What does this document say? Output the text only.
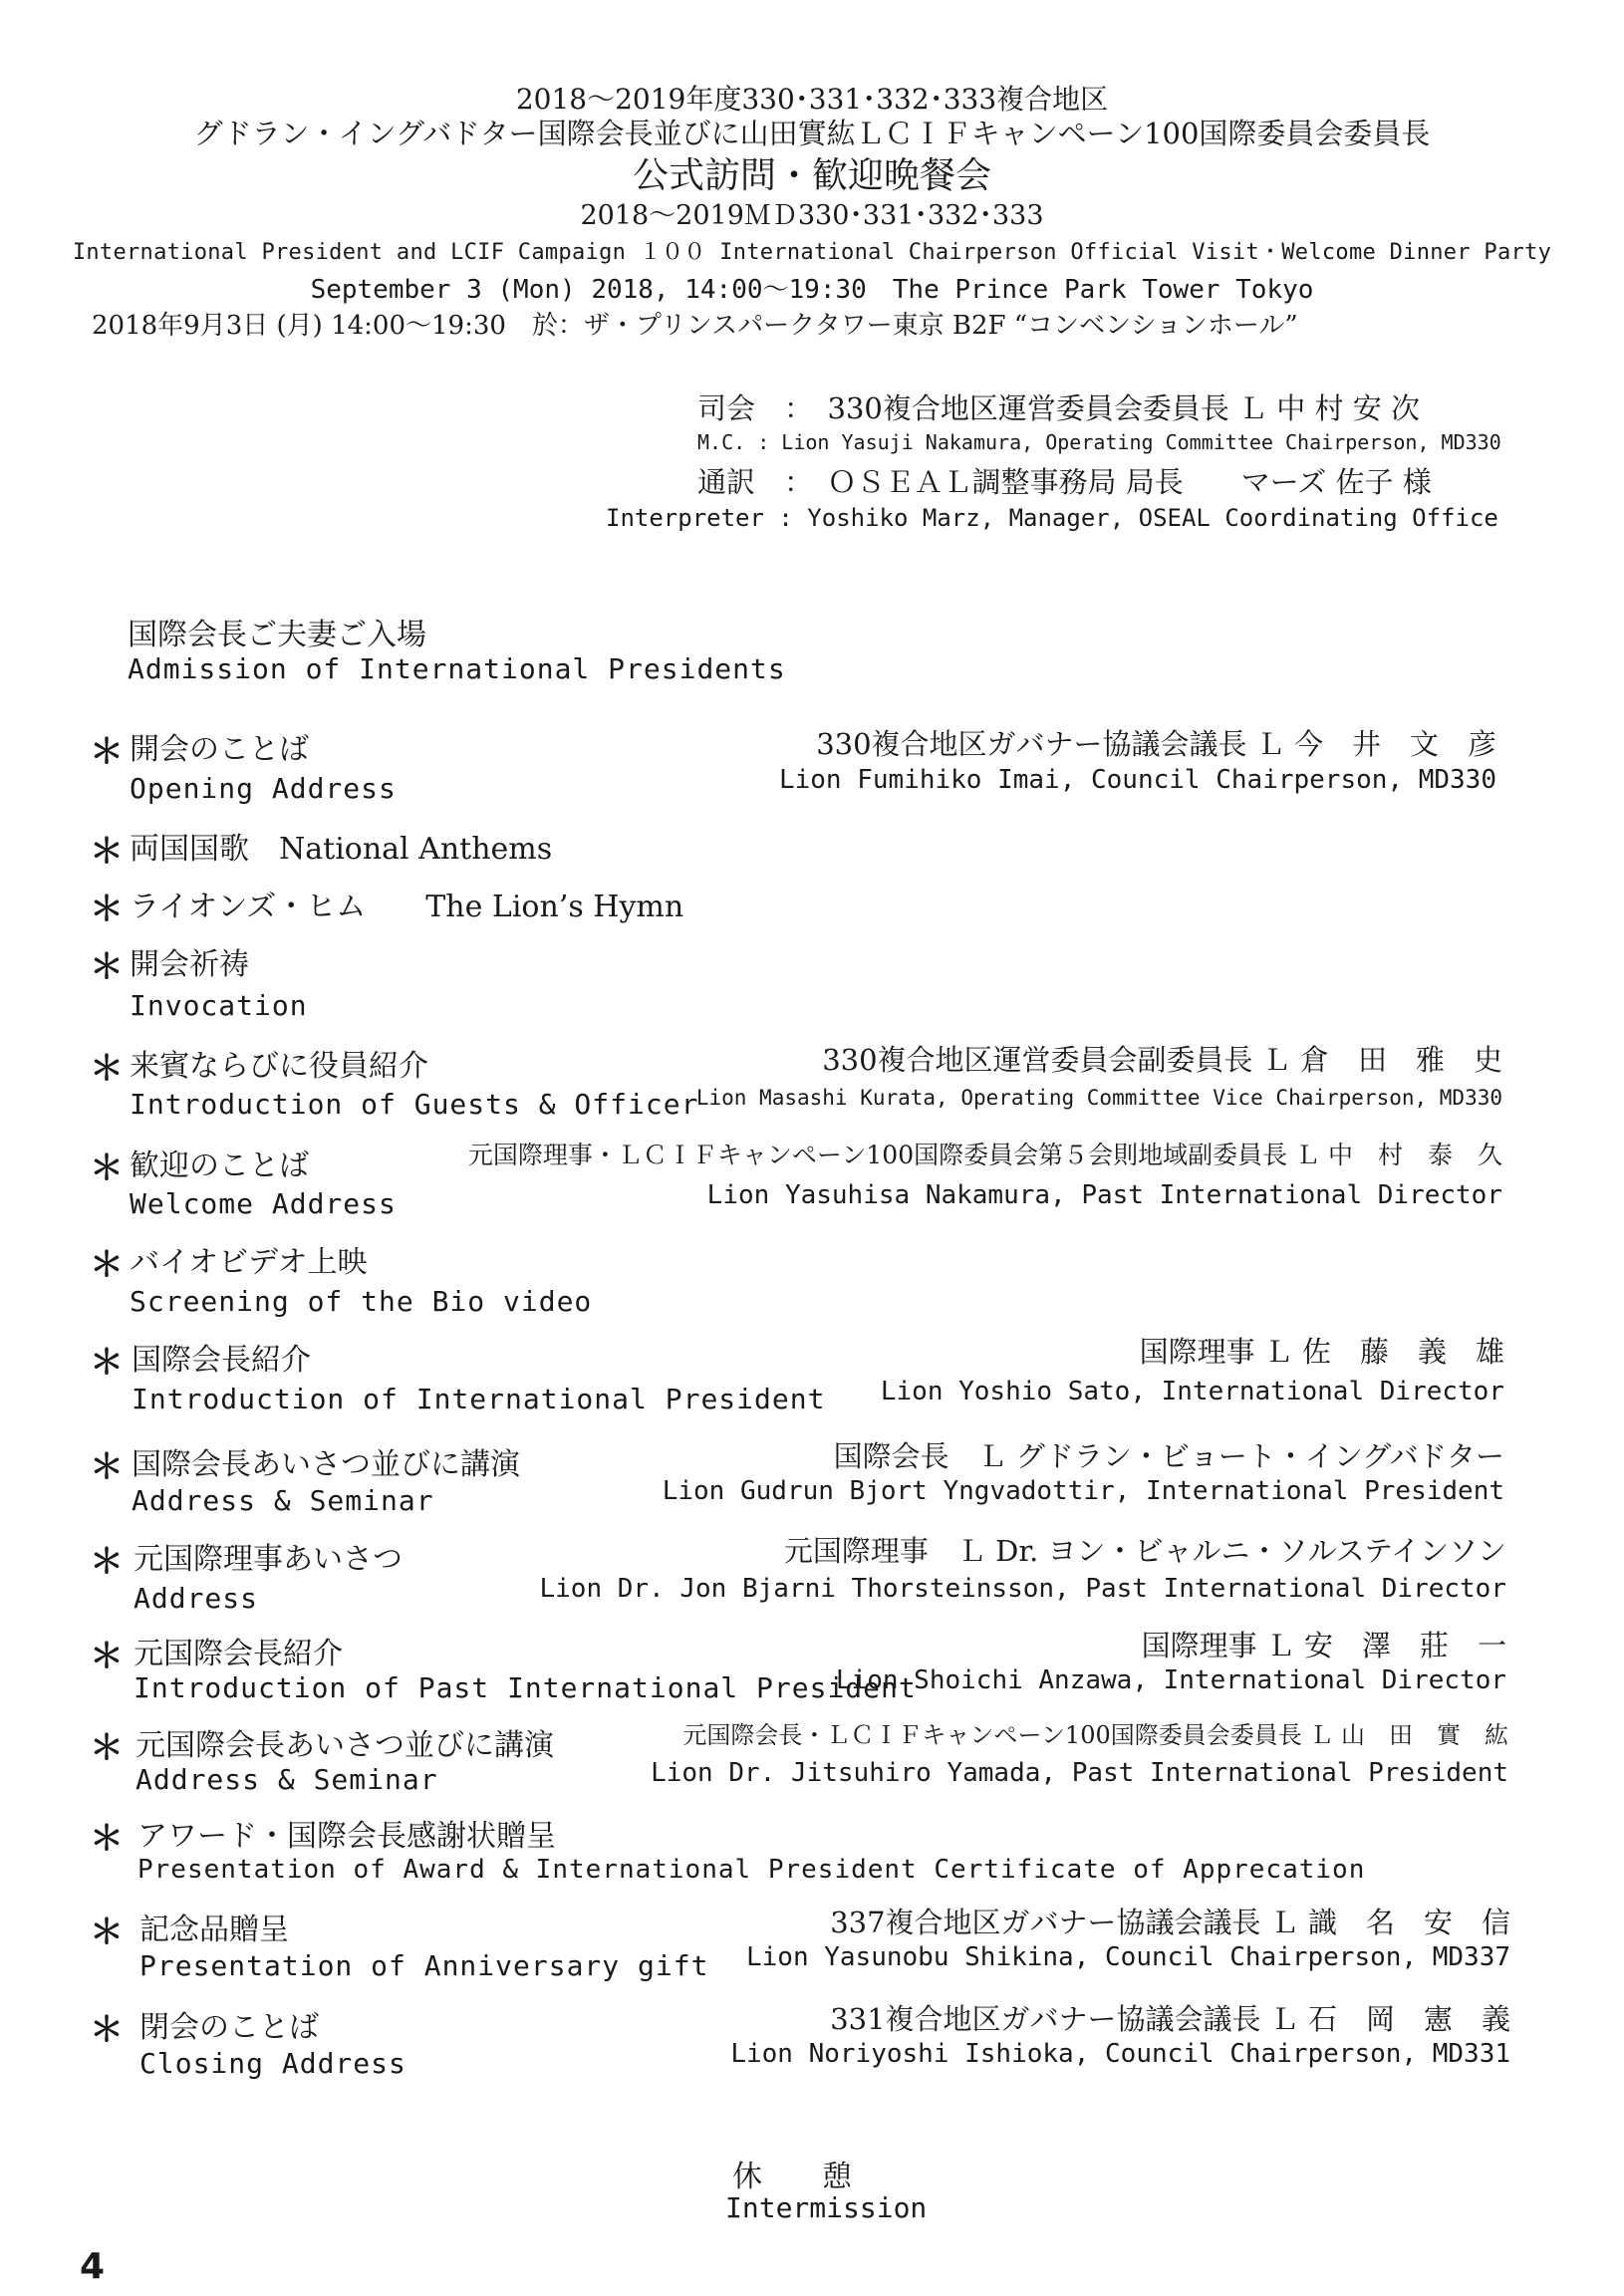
2018～2019年度330･331･332･333複合地区
グドラン・イングバドター国際会長並びに山田實紘ＬＣＩＦキャンペーン100国際委員会委員長
公式訪問・歓迎晩餐会
2018～2019ＭＤ330･331･332･333
International President and LCIF Campaign １００ International Chairperson Official Visit・Welcome Dinner Party
September 3 (Mon) 2018, 14:00～19:30　The Prince Park Tower Tokyo
2018年9月3日 (月) 14:00～19:30　於：ザ・プリンスパークタワー東京 B2F “コンベンションホール”
司会　：　330複合地区運営委員会委員長 Ｌ 中 村 安 次
M.C. : Lion Yasuji Nakamura, Operating Committee Chairperson, MD330
通訳　：　ＯＳＥＡＬ調整事務局 局長　　マーズ 佐子 様
Interpreter : Yoshiko Marz, Manager, OSEAL Coordinating Office
国際会長ご夫妻ご入場
Admission of International Presidents
＊ 開会のことば
Opening Address
330複合地区ガバナー協議会議長 Ｌ 今　井　文　彦
Lion Fumihiko Imai, Council Chairperson, MD330
＊ 両国国歌　National Anthems
＊ ライオンズ・ヒム　　The Lion’s Hymn
＊ 開会祈祷
Invocation
＊ 来賓ならびに役員紹介
Introduction of Guests & Officer
330複合地区運営委員会副委員長 Ｌ 倉　田　雅　史
Lion Masashi Kurata, Operating Committee Vice Chairperson, MD330
＊ 歓迎のことば
Welcome Address
元国際理事・ＬＣＩＦキャンペーン100国際委員会第５会則地域副委員長 Ｌ 中　村　泰　久
Lion Yasuhisa Nakamura, Past International Director
＊ バイオビデオ上映
Screening of the Bio video
＊ 国際会長紹介
Introduction of International President
国際理事 Ｌ 佐　藤　義　雄
Lion Yoshio Sato, International Director
＊ 国際会長あいさつ並びに講演
Address & Seminar
国際会長　Ｌ グドラン・ビョート・イングバドター
Lion Gudrun Bjort Yngvadottir, International President
＊ 元国際理事あいさつ
Address
元国際理事　Ｌ Dr. ヨン・ビャルニ・ソルステインソン
Lion Dr. Jon Bjarni Thorsteinsson, Past International Director
＊ 元国際会長紹介
Introduction of Past International President
国際理事 Ｌ 安　澤　莊　一
Lion Shoichi Anzawa, International Director
＊ 元国際会長あいさつ並びに講演
Address & Seminar
元国際会長・ＬＣＩＦキャンペーン100国際委員会委員長 Ｌ 山　田　實　紘
Lion Dr. Jitsuhiro Yamada, Past International President
＊ アワード・国際会長感謝状贈呈
Presentation of Award & International President Certificate of Apprecation
＊ 記念品贈呈
Presentation of Anniversary gift
337複合地区ガバナー協議会議長 Ｌ 識　名　安　信
Lion Yasunobu Shikina, Council Chairperson, MD337
＊ 閉会のことば
Closing Address
331複合地区ガバナー協議会議長 Ｌ 石　岡　憲　義
Lion Noriyoshi Ishioka, Council Chairperson, MD331
休　　憩
Intermission
4
